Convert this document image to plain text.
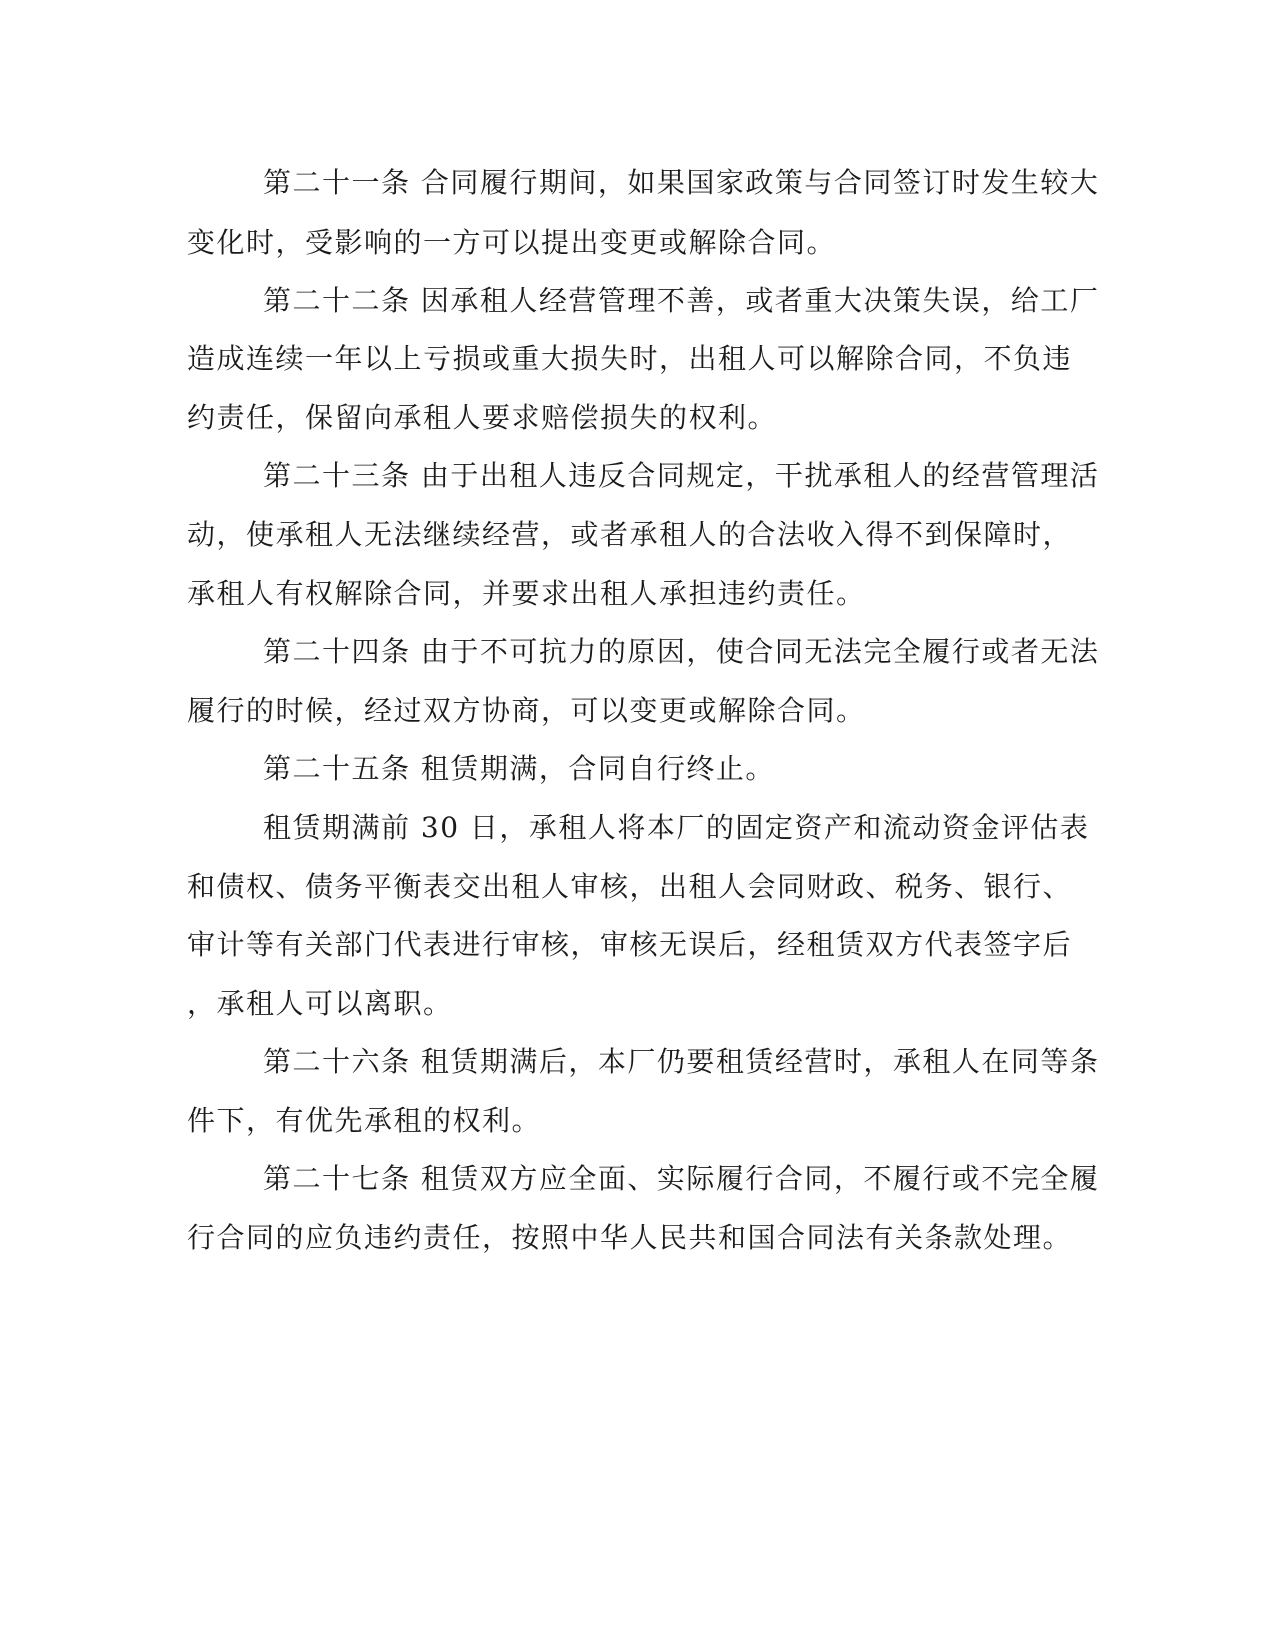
第二十一条 合同履行期间，如果国家政策与合同签订时发生较大

变化时，受影响的一方可以提出变更或解除合同。

第二十二条 因承租人经营管理不善，或者重大决策失误，给工厂

造成连续一年以上亏损或重大损失时，出租人可以解除合同，不负违

约责任，保留向承租人要求赔偿损失的权利。

第二十三条 由于出租人违反合同规定，干扰承租人的经营管理活

动，使承租人无法继续经营，或者承租人的合法收入得不到保障时，

承租人有权解除合同，并要求出租人承担违约责任。

第二十四条 由于不可抗力的原因，使合同无法完全履行或者无法

履行的时候，经过双方协商，可以变更或解除合同。

第二十五条 租赁期满，合同自行终止。

租赁期满前 30 日，承租人将本厂的固定资产和流动资金评估表

和债权、债务平衡表交出租人审核，出租人会同财政、税务、银行、

审计等有关部门代表进行审核，审核无误后，经租赁双方代表签字后

，承租人可以离职。

第二十六条 租赁期满后，本厂仍要租赁经营时，承租人在同等条

件下，有优先承租的权利。

第二十七条 租赁双方应全面、实际履行合同，不履行或不完全履

行合同的应负违约责任，按照中华人民共和国合同法有关条款处理。
